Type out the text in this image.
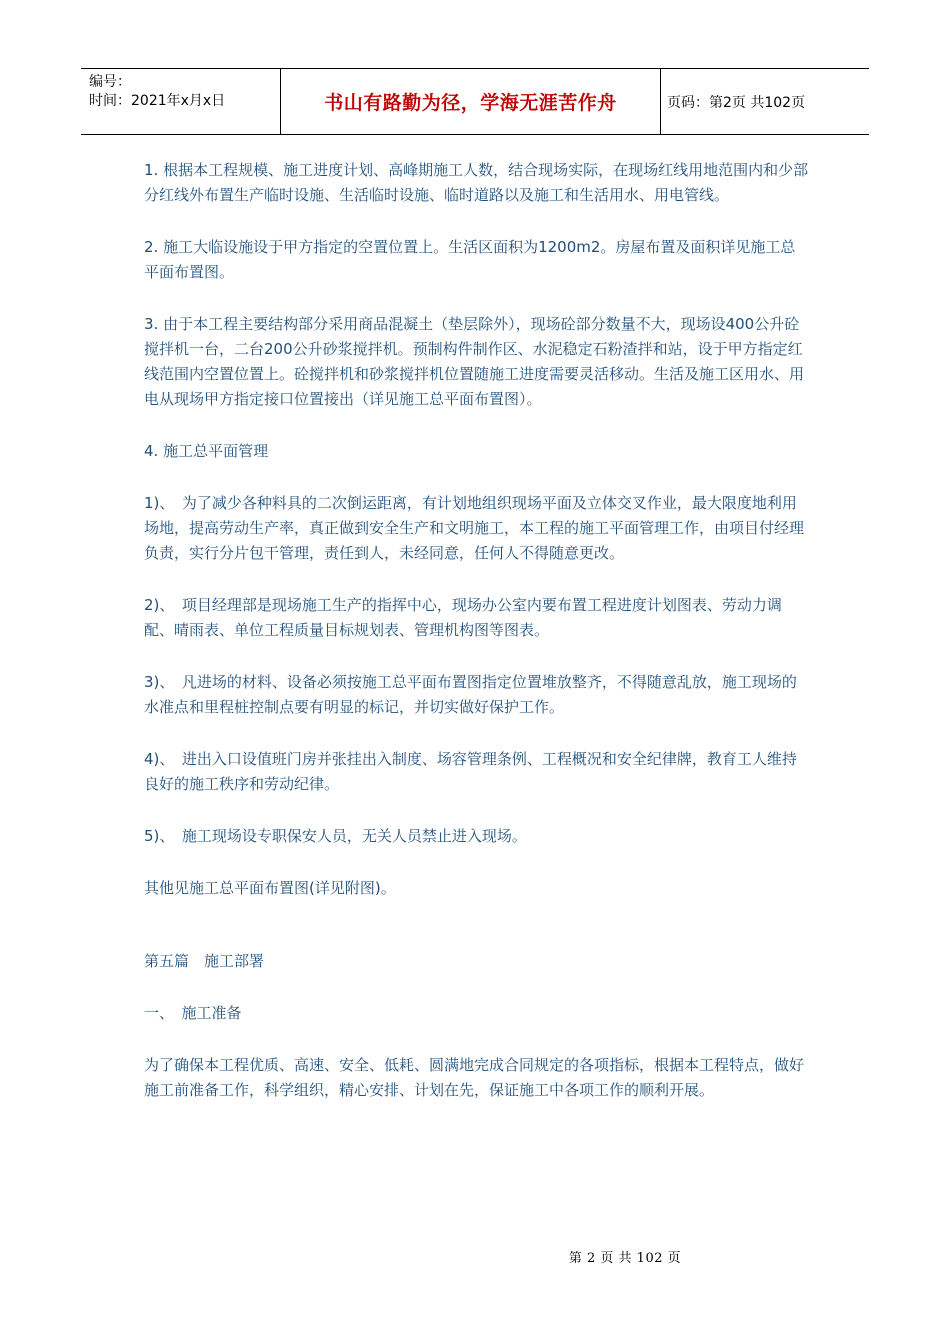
编号：
时间：2021年x月x日	书山有路勤为径，学海无涯苦作舟	页码：第2页 共102页

1. 根据本工程规模、施工进度计划、高峰期施工人数，结合现场实际，在现场红线用地范围内和少部分红线外布置生产临时设施、生活临时设施、临时道路以及施工和生活用水、用电管线。

2. 施工大临设施设于甲方指定的空置位置上。生活区面积为1200m2。房屋布置及面积详见施工总平面布置图。

3. 由于本工程主要结构部分采用商品混凝土（垫层除外），现场砼部分数量不大，现场设400公升砼搅拌机一台，二台200公升砂浆搅拌机。预制构件制作区、水泥稳定石粉渣拌和站，设于甲方指定红线范围内空置位置上。砼搅拌机和砂浆搅拌机位置随施工进度需要灵活移动。生活及施工区用水、用电从现场甲方指定接口位置接出（详见施工总平面布置图）。

4. 施工总平面管理

1)、　为了减少各种料具的二次倒运距离，有计划地组织现场平面及立体交叉作业，最大限度地利用场地，提高劳动生产率，真正做到安全生产和文明施工，本工程的施工平面管理工作，由项目付经理负责，实行分片包干管理，责任到人，未经同意，任何人不得随意更改。

2)、　项目经理部是现场施工生产的指挥中心，现场办公室内要布置工程进度计划图表、劳动力调配、晴雨表、单位工程质量目标规划表、管理机构图等图表。

3)、　凡进场的材料、设备必须按施工总平面布置图指定位置堆放整齐，不得随意乱放，施工现场的水准点和里程桩控制点要有明显的标记，并切实做好保护工作。

4)、　进出入口设值班门房并张挂出入制度、场容管理条例、工程概况和安全纪律牌，教育工人维持良好的施工秩序和劳动纪律。

5)、　施工现场设专职保安人员，无关人员禁止进入现场。

其他见施工总平面布置图(详见附图)。

第五篇　施工部署

一、　施工准备

为了确保本工程优质、高速、安全、低耗、圆满地完成合同规定的各项指标，根据本工程特点，做好施工前准备工作，科学组织，精心安排、计划在先，保证施工中各项工作的顺利开展。

第 2 页 共 102 页
